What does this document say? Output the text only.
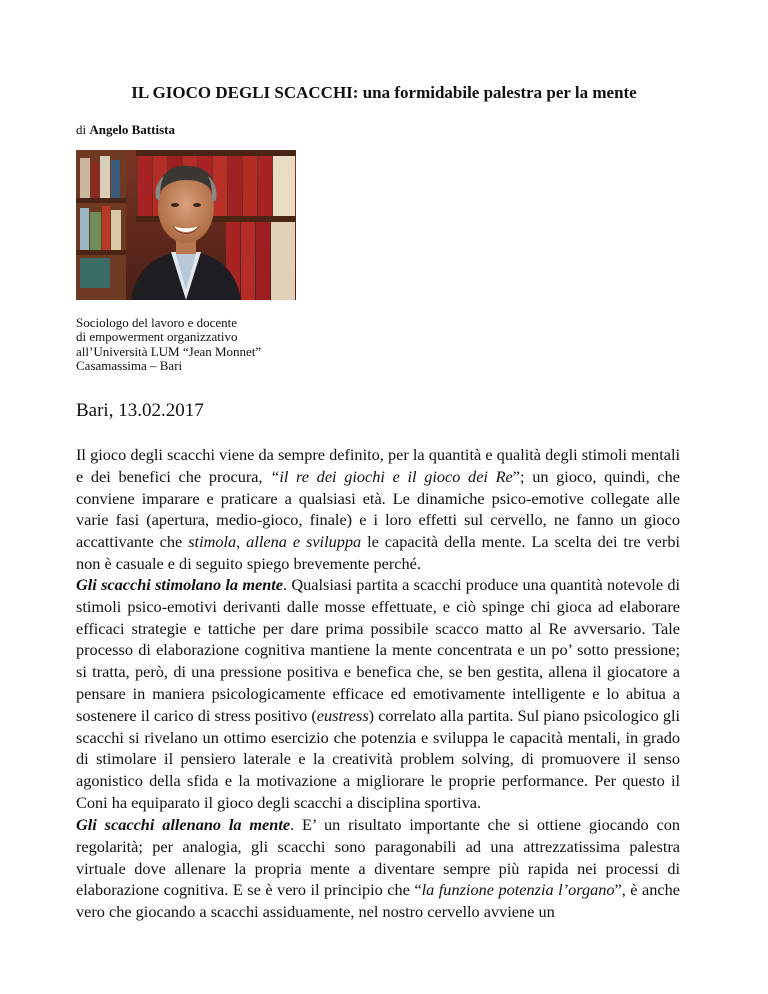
IL GIOCO DEGLI SCACCHI: una formidabile palestra per la mente

di Angelo Battista

Sociologo del lavoro e docente
di empowerment organizzativo
all’Università LUM “Jean Monnet”
Casamassima – Bari

Bari, 13.02.2017

Il gioco degli scacchi viene da sempre definito, per la quantità e qualità degli stimoli mentali e dei benefici che procura, “il re dei giochi e il gioco dei Re”; un gioco, quindi, che conviene imparare e praticare a qualsiasi età. Le dinamiche psico-emotive collegate alle varie fasi (apertura, medio-gioco, finale) e i loro effetti sul cervello, ne fanno un gioco accattivante che stimola, allena e sviluppa le capacità della mente. La scelta dei tre verbi non è casuale e di seguito spiego brevemente perché.

Gli scacchi stimolano la mente. Qualsiasi partita a scacchi produce una quantità notevole di stimoli psico-emotivi derivanti dalle mosse effettuate, e ciò spinge chi gioca ad elaborare efficaci strategie e tattiche per dare prima possibile scacco matto al Re avversario. Tale processo di elaborazione cognitiva mantiene la mente concentrata e un po’ sotto pressione; si tratta, però, di una pressione positiva e benefica che, se ben gestita, allena il giocatore a pensare in maniera psicologicamente efficace ed emotivamente intelligente e lo abitua a sostenere il carico di stress positivo (eustress) correlato alla partita. Sul piano psicologico gli scacchi si rivelano un ottimo esercizio che potenzia e sviluppa le capacità mentali, in grado di stimolare il pensiero laterale e la creatività problem solving, di promuovere il senso agonistico della sfida e la motivazione a migliorare le proprie performance. Per questo il Coni ha equiparato il gioco degli scacchi a disciplina sportiva.

Gli scacchi allenano la mente. E’ un risultato importante che si ottiene giocando con regolarità; per analogia, gli scacchi sono paragonabili ad una attrezzatissima palestra virtuale dove allenare la propria mente a diventare sempre più rapida nei processi di elaborazione cognitiva. E se è vero il principio che “la funzione potenzia l’organo”, è anche vero che giocando a scacchi assiduamente, nel nostro cervello avviene un
